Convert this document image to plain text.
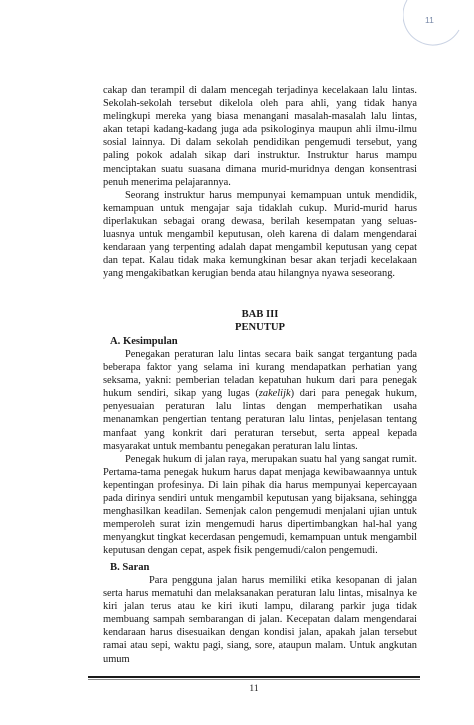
11

cakap dan terampil di dalam mencegah terjadinya kecelakaan lalu lintas. Sekolah-sekolah tersebut dikelola oleh para ahli, yang tidak hanya melingkupi mereka yang biasa menangani masalah-masalah lalu lintas, akan tetapi kadang-kadang juga ada psikologinya maupun ahli ilmu-ilmu sosial lainnya. Di dalam sekolah pendidikan pengemudi tersebut, yang paling pokok adalah sikap dari instruktur. Instruktur harus mampu menciptakan suatu suasana dimana murid-muridnya dengan konsentrasi penuh menerima pelajarannya.

Seorang instruktur harus mempunyai kemampuan untuk mendidik, kemampuan untuk mengajar saja tidaklah cukup. Murid-murid harus diperlakukan sebagai orang dewasa, berilah kesempatan yang seluas-luasnya untuk mengambil keputusan, oleh karena di dalam mengendarai kendaraan yang terpenting adalah dapat mengambil keputusan yang cepat dan tepat. Kalau tidak maka kemungkinan besar akan terjadi kecelakaan yang mengakibatkan kerugian benda atau hilangnya nyawa seseorang.

BAB III
PENUTUP
A. Kesimpulan

Penegakan peraturan lalu lintas secara baik sangat tergantung pada beberapa faktor yang selama ini kurang mendapatkan perhatian yang seksama, yakni: pemberian teladan kepatuhan hukum dari para penegak hukum sendiri, sikap yang lugas (zakelijk) dari para penegak hukum, penyesuaian peraturan lalu lintas dengan memperhatikan usaha menanamkan pengertian tentang peraturan lalu lintas, penjelasan tentang manfaat yang konkrit dari peraturan tersebut, serta appeal kepada masyarakat untuk membantu penegakan peraturan lalu lintas.

Penegak hukum di jalan raya, merupakan suatu hal yang sangat rumit. Pertama-tama penegak hukum harus dapat menjaga kewibawaannya untuk kepentingan profesinya. Di lain pihak dia harus mempunyai kepercayaan pada dirinya sendiri untuk mengambil keputusan yang bijaksana, sehingga menghasilkan keadilan. Semenjak calon pengemudi menjalani ujian untuk memperoleh surat izin mengemudi harus dipertimbangkan hal-hal yang menyangkut tingkat kecerdasan pengemudi, kemampuan untuk mengambil keputusan dengan cepat, aspek fisik pengemudi/calon pengemudi.

B. Saran

Para pengguna jalan harus memiliki etika kesopanan di jalan serta harus mematuhi dan melaksanakan peraturan lalu lintas, misalnya ke kiri jalan terus atau ke kiri ikuti lampu, dilarang parkir juga tidak membuang sampah sembarangan di jalan. Kecepatan dalam mengendarai kendaraan harus disesuaikan dengan kondisi jalan, apakah jalan tersebut ramai atau sepi, waktu pagi, siang, sore, ataupun malam. Untuk angkutan umum

11
